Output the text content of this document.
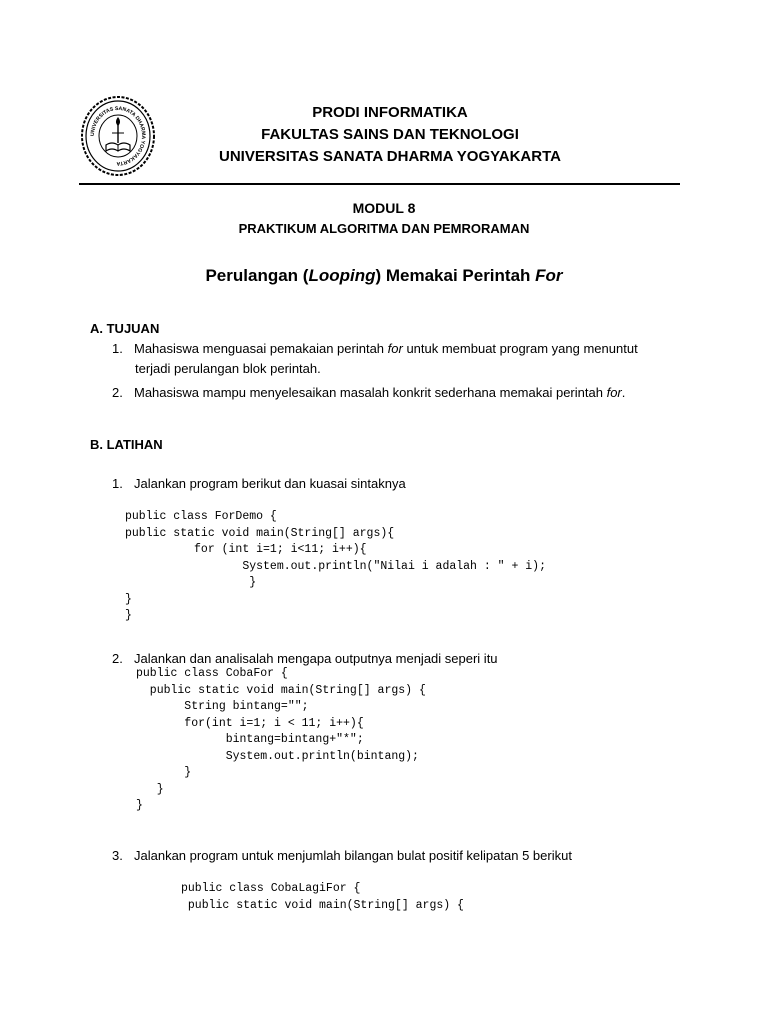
UNIVERSITAS SANATA DHARMA YOGYAKARTA
PRODI INFORMATIKA
FAKULTAS SAINS DAN TEKNOLOGI
UNIVERSITAS SANATA DHARMA YOGYAKARTA
MODUL 8
PRAKTIKUM ALGORITMA DAN PEMRORAMAN
Perulangan (Looping) Memakai Perintah For
A. TUJUAN
1. Mahasiswa menguasai pemakaian perintah for untuk membuat program yang menuntut
terjadi perulangan blok perintah.
2. Mahasiswa mampu menyelesaikan masalah konkrit sederhana memakai perintah for.
B. LATIHAN
1. Jalankan program berikut dan kuasai sintaknya
public class ForDemo {
public static void main(String[] args){
for (int i=1; i<11; i++){
System.out.println("Nilai i adalah : " + i);
}
}
}
2. Jalankan dan analisalah mengapa outputnya menjadi seperi itu
public class CobaFor {
public static void main(String[] args) {
String bintang="";
for(int i=1; i < 11; i++){
bintang=bintang+"*";
System.out.println(bintang);
}
}
}
3. Jalankan program untuk menjumlah bilangan bulat positif kelipatan 5 berikut
public class CobaLagiFor {
public static void main(String[] args) {
